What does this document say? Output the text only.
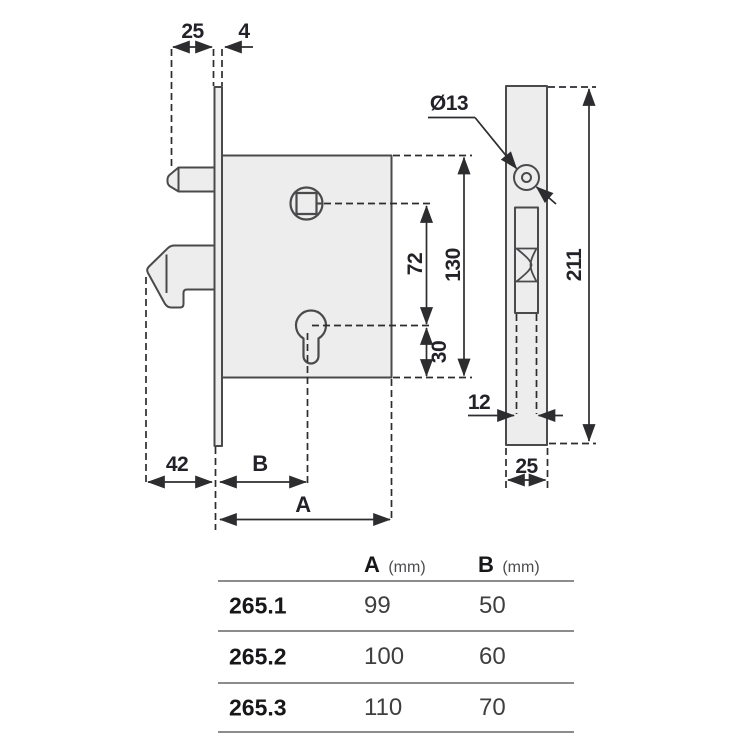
25 4
42	B
A
72 130
30
211
12
25
Ø13
A (mm) B (mm)
265.1	99	50
265.2	100	60
265.3	110	70
